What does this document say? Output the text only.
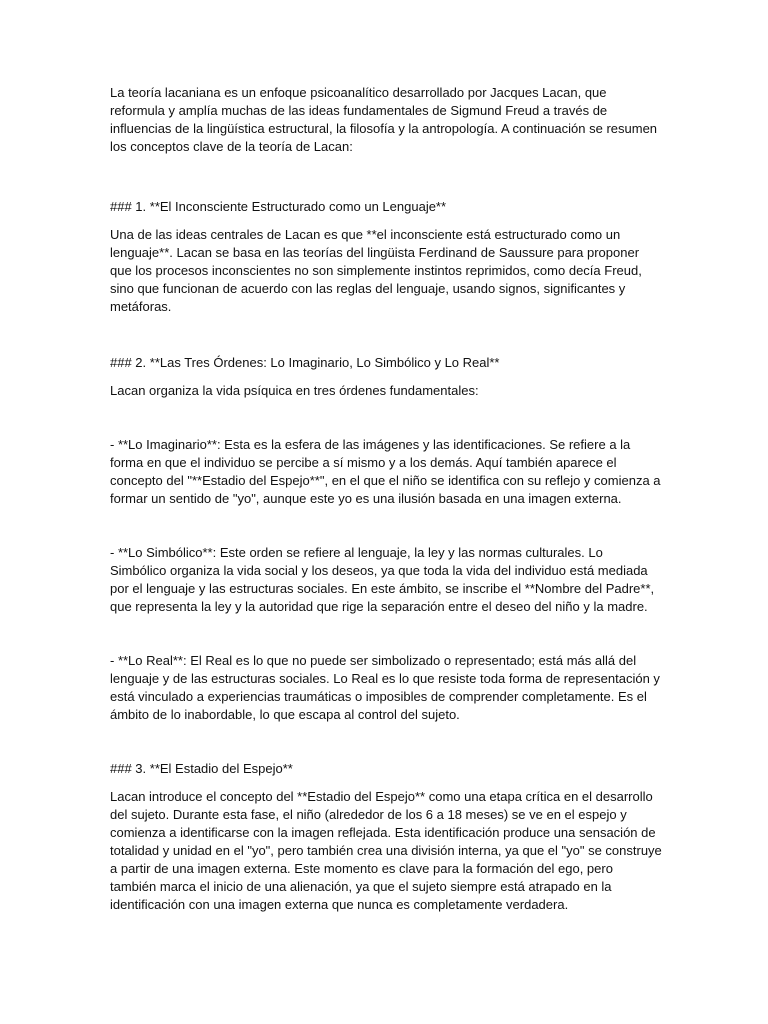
La teoría lacaniana es un enfoque psicoanalítico desarrollado por Jacques Lacan, que reformula y amplía muchas de las ideas fundamentales de Sigmund Freud a través de influencias de la lingüística estructural, la filosofía y la antropología. A continuación se resumen los conceptos clave de la teoría de Lacan:

### 1. **El Inconsciente Estructurado como un Lenguaje**

Una de las ideas centrales de Lacan es que **el inconsciente está estructurado como un lenguaje**. Lacan se basa en las teorías del lingüista Ferdinand de Saussure para proponer que los procesos inconscientes no son simplemente instintos reprimidos, como decía Freud, sino que funcionan de acuerdo con las reglas del lenguaje, usando signos, significantes y metáforas.

### 2. **Las Tres Órdenes: Lo Imaginario, Lo Simbólico y Lo Real**

Lacan organiza la vida psíquica en tres órdenes fundamentales:

- **Lo Imaginario**: Esta es la esfera de las imágenes y las identificaciones. Se refiere a la forma en que el individuo se percibe a sí mismo y a los demás. Aquí también aparece el concepto del "**Estadio del Espejo**", en el que el niño se identifica con su reflejo y comienza a formar un sentido de "yo", aunque este yo es una ilusión basada en una imagen externa.

- **Lo Simbólico**: Este orden se refiere al lenguaje, la ley y las normas culturales. Lo Simbólico organiza la vida social y los deseos, ya que toda la vida del individuo está mediada por el lenguaje y las estructuras sociales. En este ámbito, se inscribe el **Nombre del Padre**, que representa la ley y la autoridad que rige la separación entre el deseo del niño y la madre.

- **Lo Real**: El Real es lo que no puede ser simbolizado o representado; está más allá del lenguaje y de las estructuras sociales. Lo Real es lo que resiste toda forma de representación y está vinculado a experiencias traumáticas o imposibles de comprender completamente. Es el ámbito de lo inabordable, lo que escapa al control del sujeto.

### 3. **El Estadio del Espejo**

Lacan introduce el concepto del **Estadio del Espejo** como una etapa crítica en el desarrollo del sujeto. Durante esta fase, el niño (alrededor de los 6 a 18 meses) se ve en el espejo y comienza a identificarse con la imagen reflejada. Esta identificación produce una sensación de totalidad y unidad en el "yo", pero también crea una división interna, ya que el "yo" se construye a partir de una imagen externa. Este momento es clave para la formación del ego, pero también marca el inicio de una alienación, ya que el sujeto siempre está atrapado en la identificación con una imagen externa que nunca es completamente verdadera.
